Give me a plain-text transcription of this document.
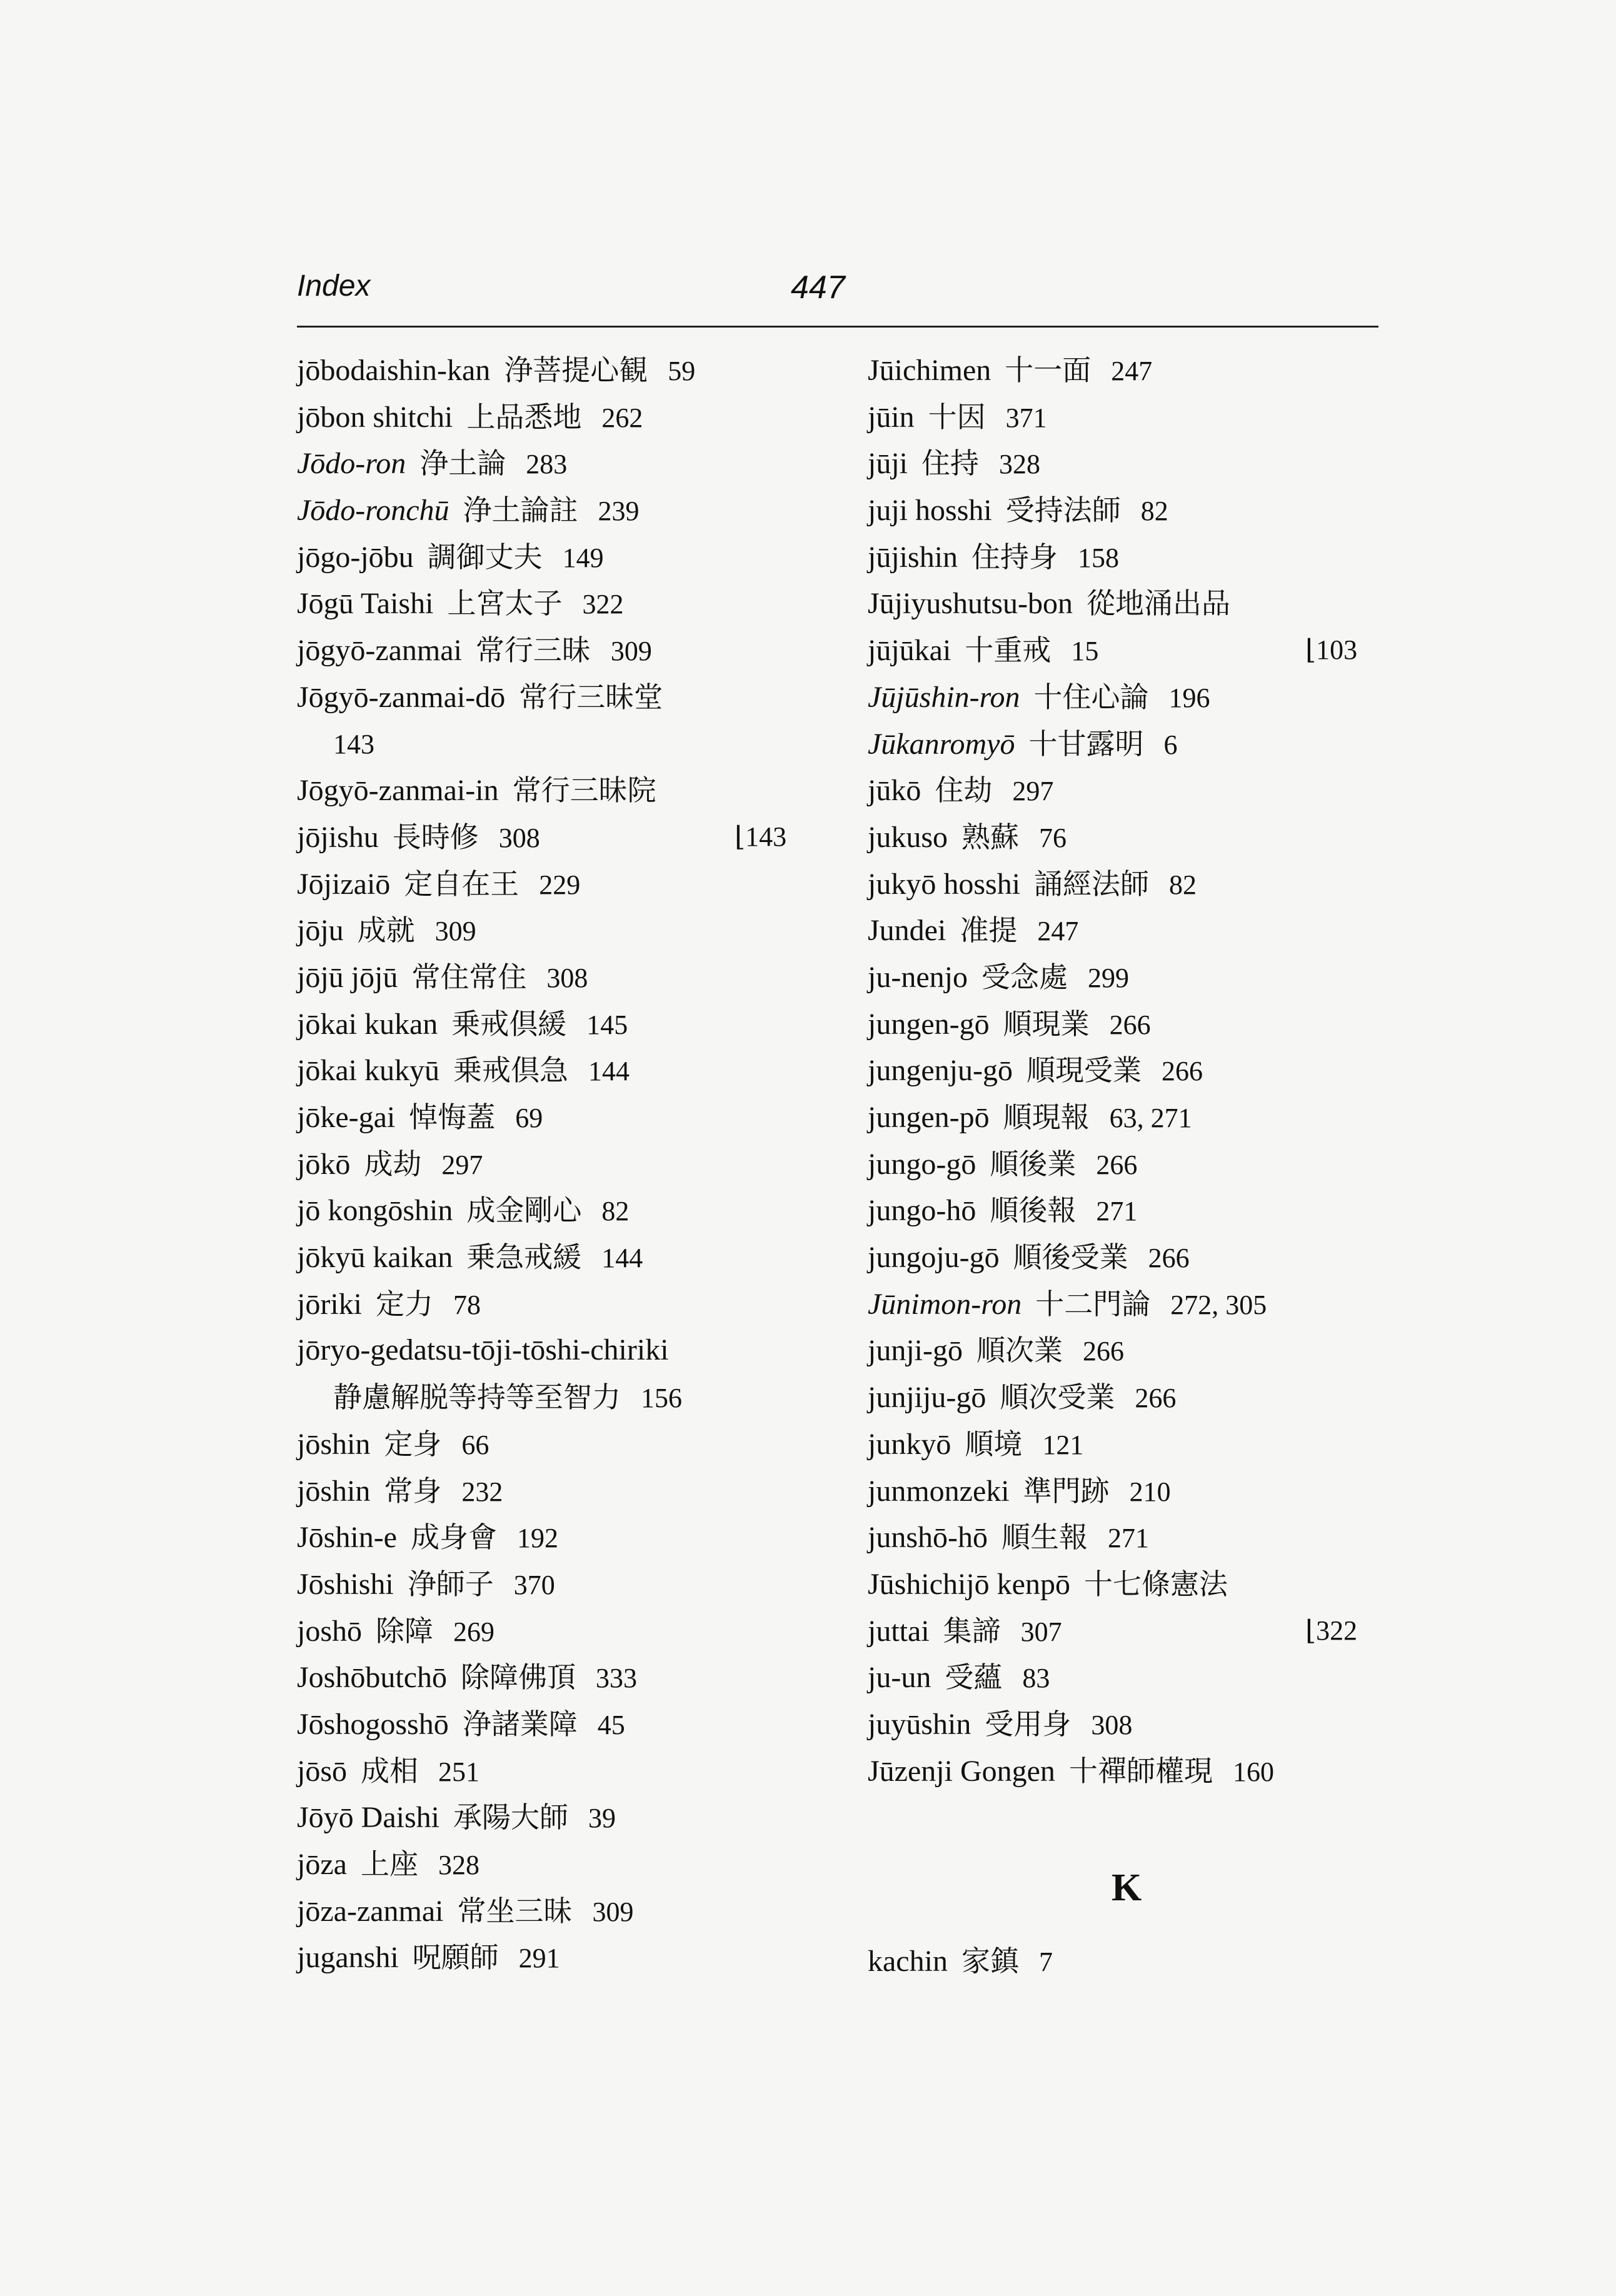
Index	447
jōbodaishin-kan 浄菩提心観 59
jōbon shitchi 上品悉地 262
Jōdo-ron 浄土論 283
Jōdo-ronchū 浄土論註 239
jōgo-jōbu 調御丈夫 149
Jōgū Taishi 上宮太子 322
jōgyō-zanmai 常行三昧 309
Jōgyō-zanmai-dō 常行三昧堂
143
Jōgyō-zanmai-in 常行三昧院
jōjishu 長時修 308	⌊143
Jōjizaiō 定自在王 229
jōju 成就 309
jōjū jōjū 常住常住 308
jōkai kukan 乗戒倶緩 145
jōkai kukyū 乗戒倶急 144
jōke-gai 悼悔蓋 69
jōkō 成劫 297
jō kongōshin 成金剛心 82
jōkyū kaikan 乗急戒緩 144
jōriki 定力 78
jōryo-gedatsu-tōji-tōshi-chiriki
静慮解脱等持等至智力 156
jōshin 定身 66
jōshin 常身 232
Jōshin-e 成身會 192
Jōshishi 浄師子 370
joshō 除障 269
Joshōbutchō 除障佛頂 333
Jōshogosshō 浄諸業障 45
jōsō 成相 251
Jōyō Daishi 承陽大師 39
jōza 上座 328
jōza-zanmai 常坐三昧 309
juganshi 呪願師 291
Jūichimen 十一面 247
jūin 十因 371
jūji 住持 328
juji hosshi 受持法師 82
jūjishin 住持身 158
Jūjiyushutsu-bon 從地涌出品
jūjūkai 十重戒 15	⌊103
Jūjūshin-ron 十住心論 196
Jūkanromyō 十甘露明 6
jūkō 住劫 297
jukuso 熟蘇 76
jukyō hosshi 誦經法師 82
Jundei 准提 247
ju-nenjo 受念處 299
jungen-gō 順現業 266
jungenju-gō 順現受業 266
jungen-pō 順現報 63, 271
jungo-gō 順後業 266
jungo-hō 順後報 271
jungoju-gō 順後受業 266
Jūnimon-ron 十二門論 272, 305
junji-gō 順次業 266
junjiju-gō 順次受業 266
junkyō 順境 121
junmonzeki 準門跡 210
junshō-hō 順生報 271
Jūshichijō kenpō 十七條憲法
juttai 集諦 307	⌊322
ju-un 受蘊 83
juyūshin 受用身 308
Jūzenji Gongen 十禪師權現 160
K
kachin 家鎮 7
